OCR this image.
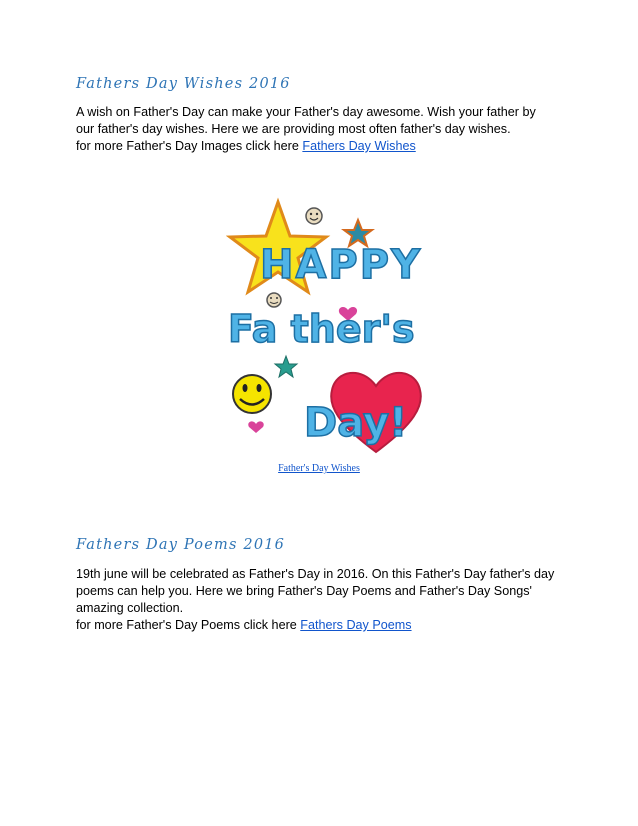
Fathers Day Wishes 2016

A wish on Father's Day can make your Father's day awesome. Wish your father by
our father's day wishes. Here we are providing most often father's day wishes.
for more Father's Day Images click here Fathers Day Wishes

HAPPY
Fa ther's
Day!
Father's Day Wishes
Fathers Day Poems 2016

19th june will be celebrated as Father's Day in 2016. On this Father's Day father's day
poems can help you. Here we bring Father's Day Poems and Father's Day Songs'
amazing collection.
for more Father's Day Poems click here Fathers Day Poems
